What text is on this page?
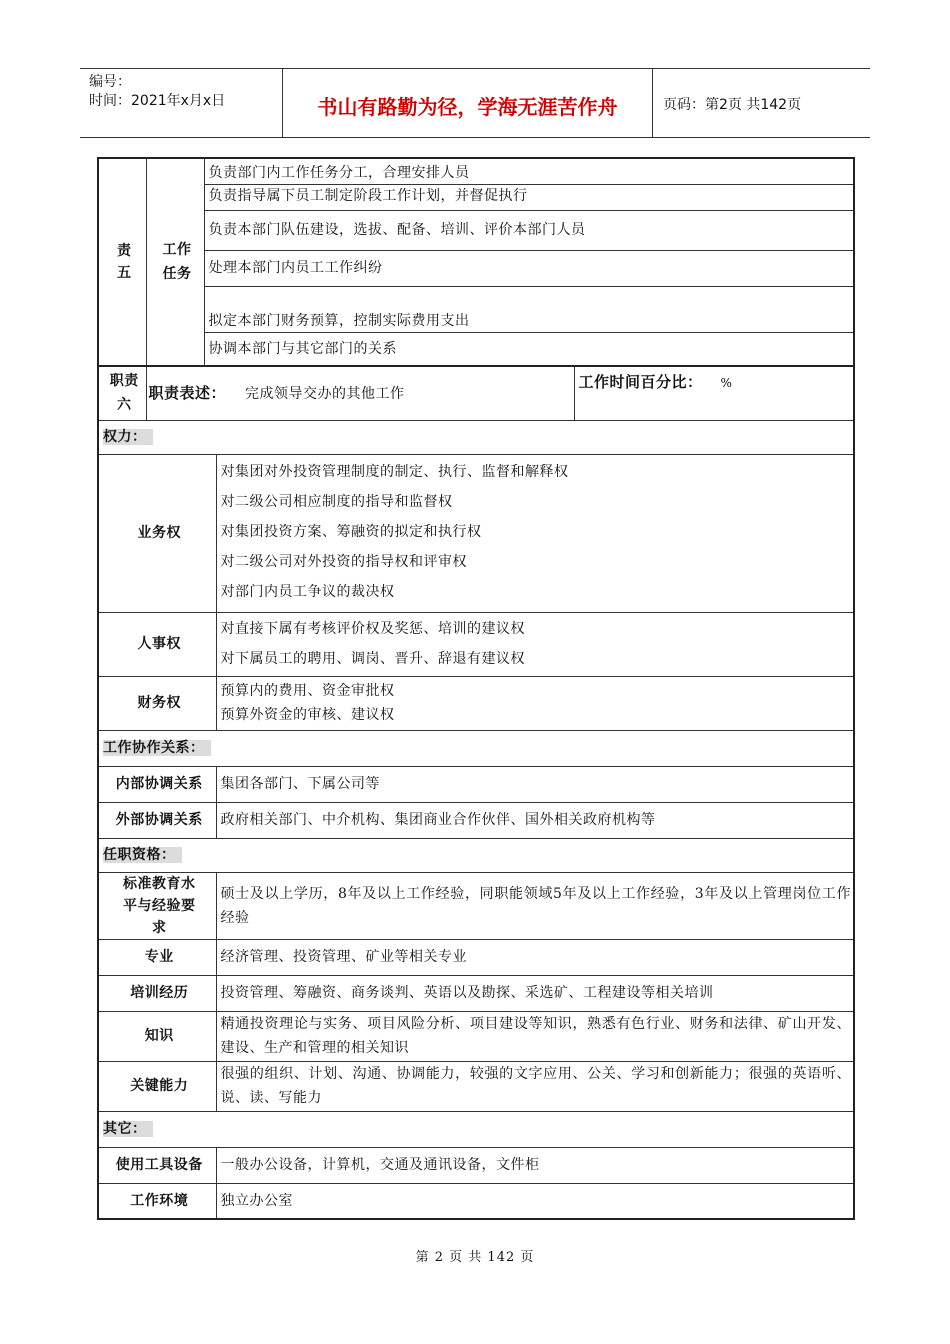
编号：
时间：2021年x月x日	书山有路勤为径，学海无涯苦作舟	页码：第2页 共142页
责五	工作任务	负责部门内工作任务分工，合理安排人员		
		负责指导属下员工制定阶段工作计划，并督促执行		
		负责本部门队伍建设，选拔、配备、培训、评价本部门人员		
		处理本部门内员工工作纠纷		
		拟定本部门财务预算，控制实际费用支出		
		协调本部门与其它部门的关系		

职责六	职责表述： 完成领导交办的其他工作			工作时间百分比： %
权力：				
业务权			对集团对外投资管理制度的制定、执行、监督和解释权
对二级公司相应制度的指导和监督权
对集团投资方案、筹融资的拟定和执行权
对二级公司对外投资的指导权和评审权
对部门内员工争议的裁决权	

人事权			对直接下属有考核评价权及奖惩、培训的建议权
对下属员工的聘用、调岗、晋升、辞退有建议权	

财务权			预算内的费用、资金审批权
预算外资金的审核、建议权	

工作协作关系：				
内部协调关系			集团各部门、下属公司等	
外部协调关系			政府相关部门、中介机构、集团商业合作伙伴、国外相关政府机构等	
任职资格：				

标准教育水平与经验要求			硕士及以上学历，8年及以上工作经验，同职能领域5年及以上工作经验，3年及以上管理岗位工作经验	
专业			经济管理、投资管理、矿业等相关专业	
培训经历			投资管理、筹融资、商务谈判、英语以及勘探、采选矿、工程建设等相关培训	
知识			精通投资理论与实务、项目风险分析、项目建设等知识，熟悉有色行业、财务和法律、矿山开发、建设、生产和管理的相关知识	
关键能力			很强的组织、计划、沟通、协调能力，较强的文字应用、公关、学习和创新能力；很强的英语听、说、读、写能力	
其它：				
使用工具设备			一般办公设备，计算机，交通及通讯设备，文件柜	
工作环境			独立办公室	
第 2 页 共 142 页
